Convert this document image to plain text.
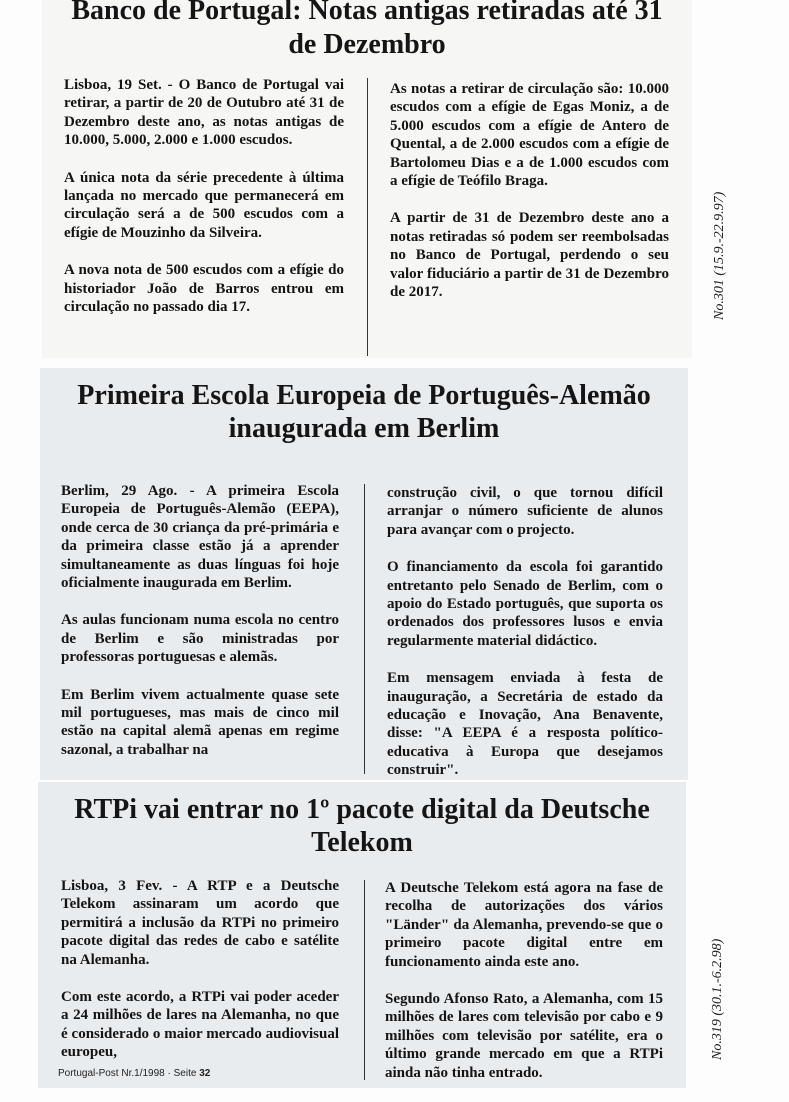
Banco de Portugal: Notas antigas retiradas até 31 de Dezembro

Lisboa, 19 Set. - O Banco de Portugal vai retirar, a partir de 20 de Outubro até 31 de Dezembro deste ano, as notas antigas de 10.000, 5.000, 2.000 e 1.000 escudos.

A única nota da série precedente à última lançada no mercado que permanecerá em circulação será a de 500 escudos com a efígie de Mouzinho da Silveira.

A nova nota de 500 escudos com a efígie do historiador João de Barros entrou em circulação no passado dia 17.

As notas a retirar de circulação são: 10.000 escudos com a efígie de Egas Moniz, a de 5.000 escudos com a efígie de Antero de Quental, a de 2.000 escudos com a efígie de Bartolomeu Dias e a de 1.000 escudos com a efígie de Teófilo Braga.

A partir de 31 de Dezembro deste ano a notas retiradas só podem ser reembolsadas no Banco de Portugal, perdendo o seu valor fiduciário a partir de 31 de Dezembro de 2017.	No.301 (15.9.-22.9.97)
Primeira Escola Europeia de Português-Alemão inaugurada em Berlim

Berlim, 29 Ago. - A primeira Escola Europeia de Português-Alemão (EEPA), onde cerca de 30 criança da pré-primária e da primeira classe estão já a aprender simultaneamente as duas línguas foi hoje oficialmente inaugurada em Berlim.

As aulas funcionam numa escola no centro de Berlim e são ministradas por professoras portuguesas e alemãs.

Em Berlim vivem actualmente quase sete mil portugueses, mas mais de cinco mil estão na capital alemã apenas em regime sazonal, a trabalhar na

construção civil, o que tornou difícil arranjar o número suficiente de alunos para avançar com o projecto.

O financiamento da escola foi garantido entretanto pelo Senado de Berlim, com o apoio do Estado português, que suporta os ordenados dos professores lusos e envia regularmente material didáctico.

Em mensagem enviada à festa de inauguração, a Secretária de estado da educação e Inovação, Ana Benavente, disse: "A EEPA é a resposta político-educativa à Europa que desejamos construir".

RTPi vai entrar no 1º pacote digital da Deutsche Telekom

Lisboa, 3 Fev. - A RTP e a Deutsche Telekom assinaram um acordo que permitirá a inclusão da RTPi no primeiro pacote digital das redes de cabo e satélite na Alemanha.

Com este acordo, a RTPi vai poder aceder a 24 milhões de lares na Alemanha, no que é considerado o maior mercado audiovisual europeu,

A Deutsche Telekom está agora na fase de recolha de autorizações dos vários "Länder" da Alemanha, prevendo-se que o primeiro pacote digital entre em funcionamento ainda este ano.

Segundo Afonso Rato, a Alemanha, com 15 milhões de lares com televisão por cabo e 9 milhões com televisão por satélite, era o último grande mercado em que a RTPi ainda não tinha entrado.

No.319 (30.1.-6.2.98)
Portugal-Post Nr.1/1998 · Seite 32
